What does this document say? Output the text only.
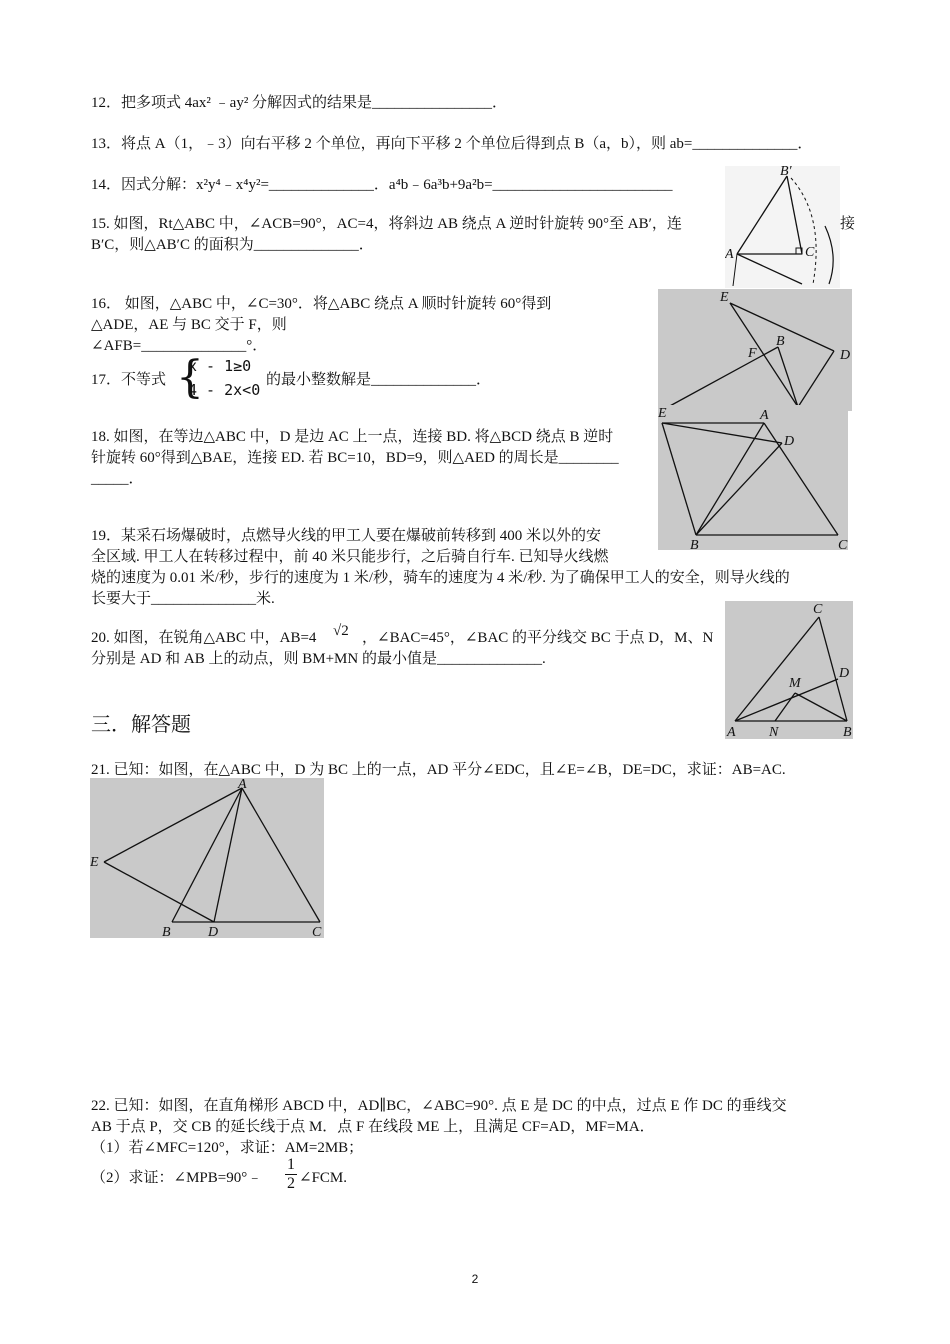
12．把多项式 4ax² ﹣ay² 分解因式的结果是________________．
13．将点 A（1，﹣3）向右平移 2 个单位，再向下平移 2 个单位后得到点 B（a，b），则 ab=______________．
14．因式分解：x²y⁴﹣x⁴y²=______________．a⁴b﹣6a³b+9a²b=________________________
15. 如图，Rt△ABC 中，∠ACB=90°，AC=4，将斜边 AB 绕点 A 逆时针旋转 90°至 AB′，连	接
B′C，则△AB′C 的面积为______________．
16． 如图，△ABC 中，∠C=30°．将△ABC 绕点 A 顺时针旋转 60°得到
△ADE，AE 与 BC 交于 F，则
∠AFB=______________°．
17．不等式 {
x - 1≥0
4 - 2x<0
的最小整数解是______________．
18. 如图，在等边△ABC 中，D 是边 AC 上一点，连接 BD. 将△BCD 绕点 B 逆时
针旋转 60°得到△BAE，连接 ED. 若 BC=10，BD=9，则△AED 的周长是________
_____．
19．某采石场爆破时，点燃导火线的甲工人要在爆破前转移到 400 米以外的安
全区域. 甲工人在转移过程中，前 40 米只能步行，之后骑自行车. 已知导火线燃
烧的速度为 0.01 米/秒，步行的速度为 1 米/秒，骑车的速度为 4 米/秒. 为了确保甲工人的安全，则导火线的
长要大于______________米.
20. 如图，在锐角△ABC 中，AB=4 √2 ，∠BAC=45°，∠BAC 的平分线交 BC 于点 D，M、N
分别是 AD 和 AB 上的动点，则 BM+MN 的最小值是______________.
三．解答题
21. 已知：如图，在△ABC 中，D 为 BC 上的一点，AD 平分∠EDC，且∠E=∠B，DE=DC，求证：AB=AC.
22. 已知：如图，在直角梯形 ABCD 中，AD∥BC，∠ABC=90°. 点 E 是 DC 的中点，过点 E 作 DC 的垂线交
AB 于点 P，交 CB 的延长线于点 M．点 F 在线段 ME 上，且满足 CF=AD，MF=MA．
（1）若∠MFC=120°，求证：AM=2MB；
（2）求证：∠MPB=90°﹣ $\frac{1}{2}$ ∠FCM.
B′
A	C
E
F
B
D
E	A
D
B	C
C
D
M
A N	B
A
E
B	D	C
2
